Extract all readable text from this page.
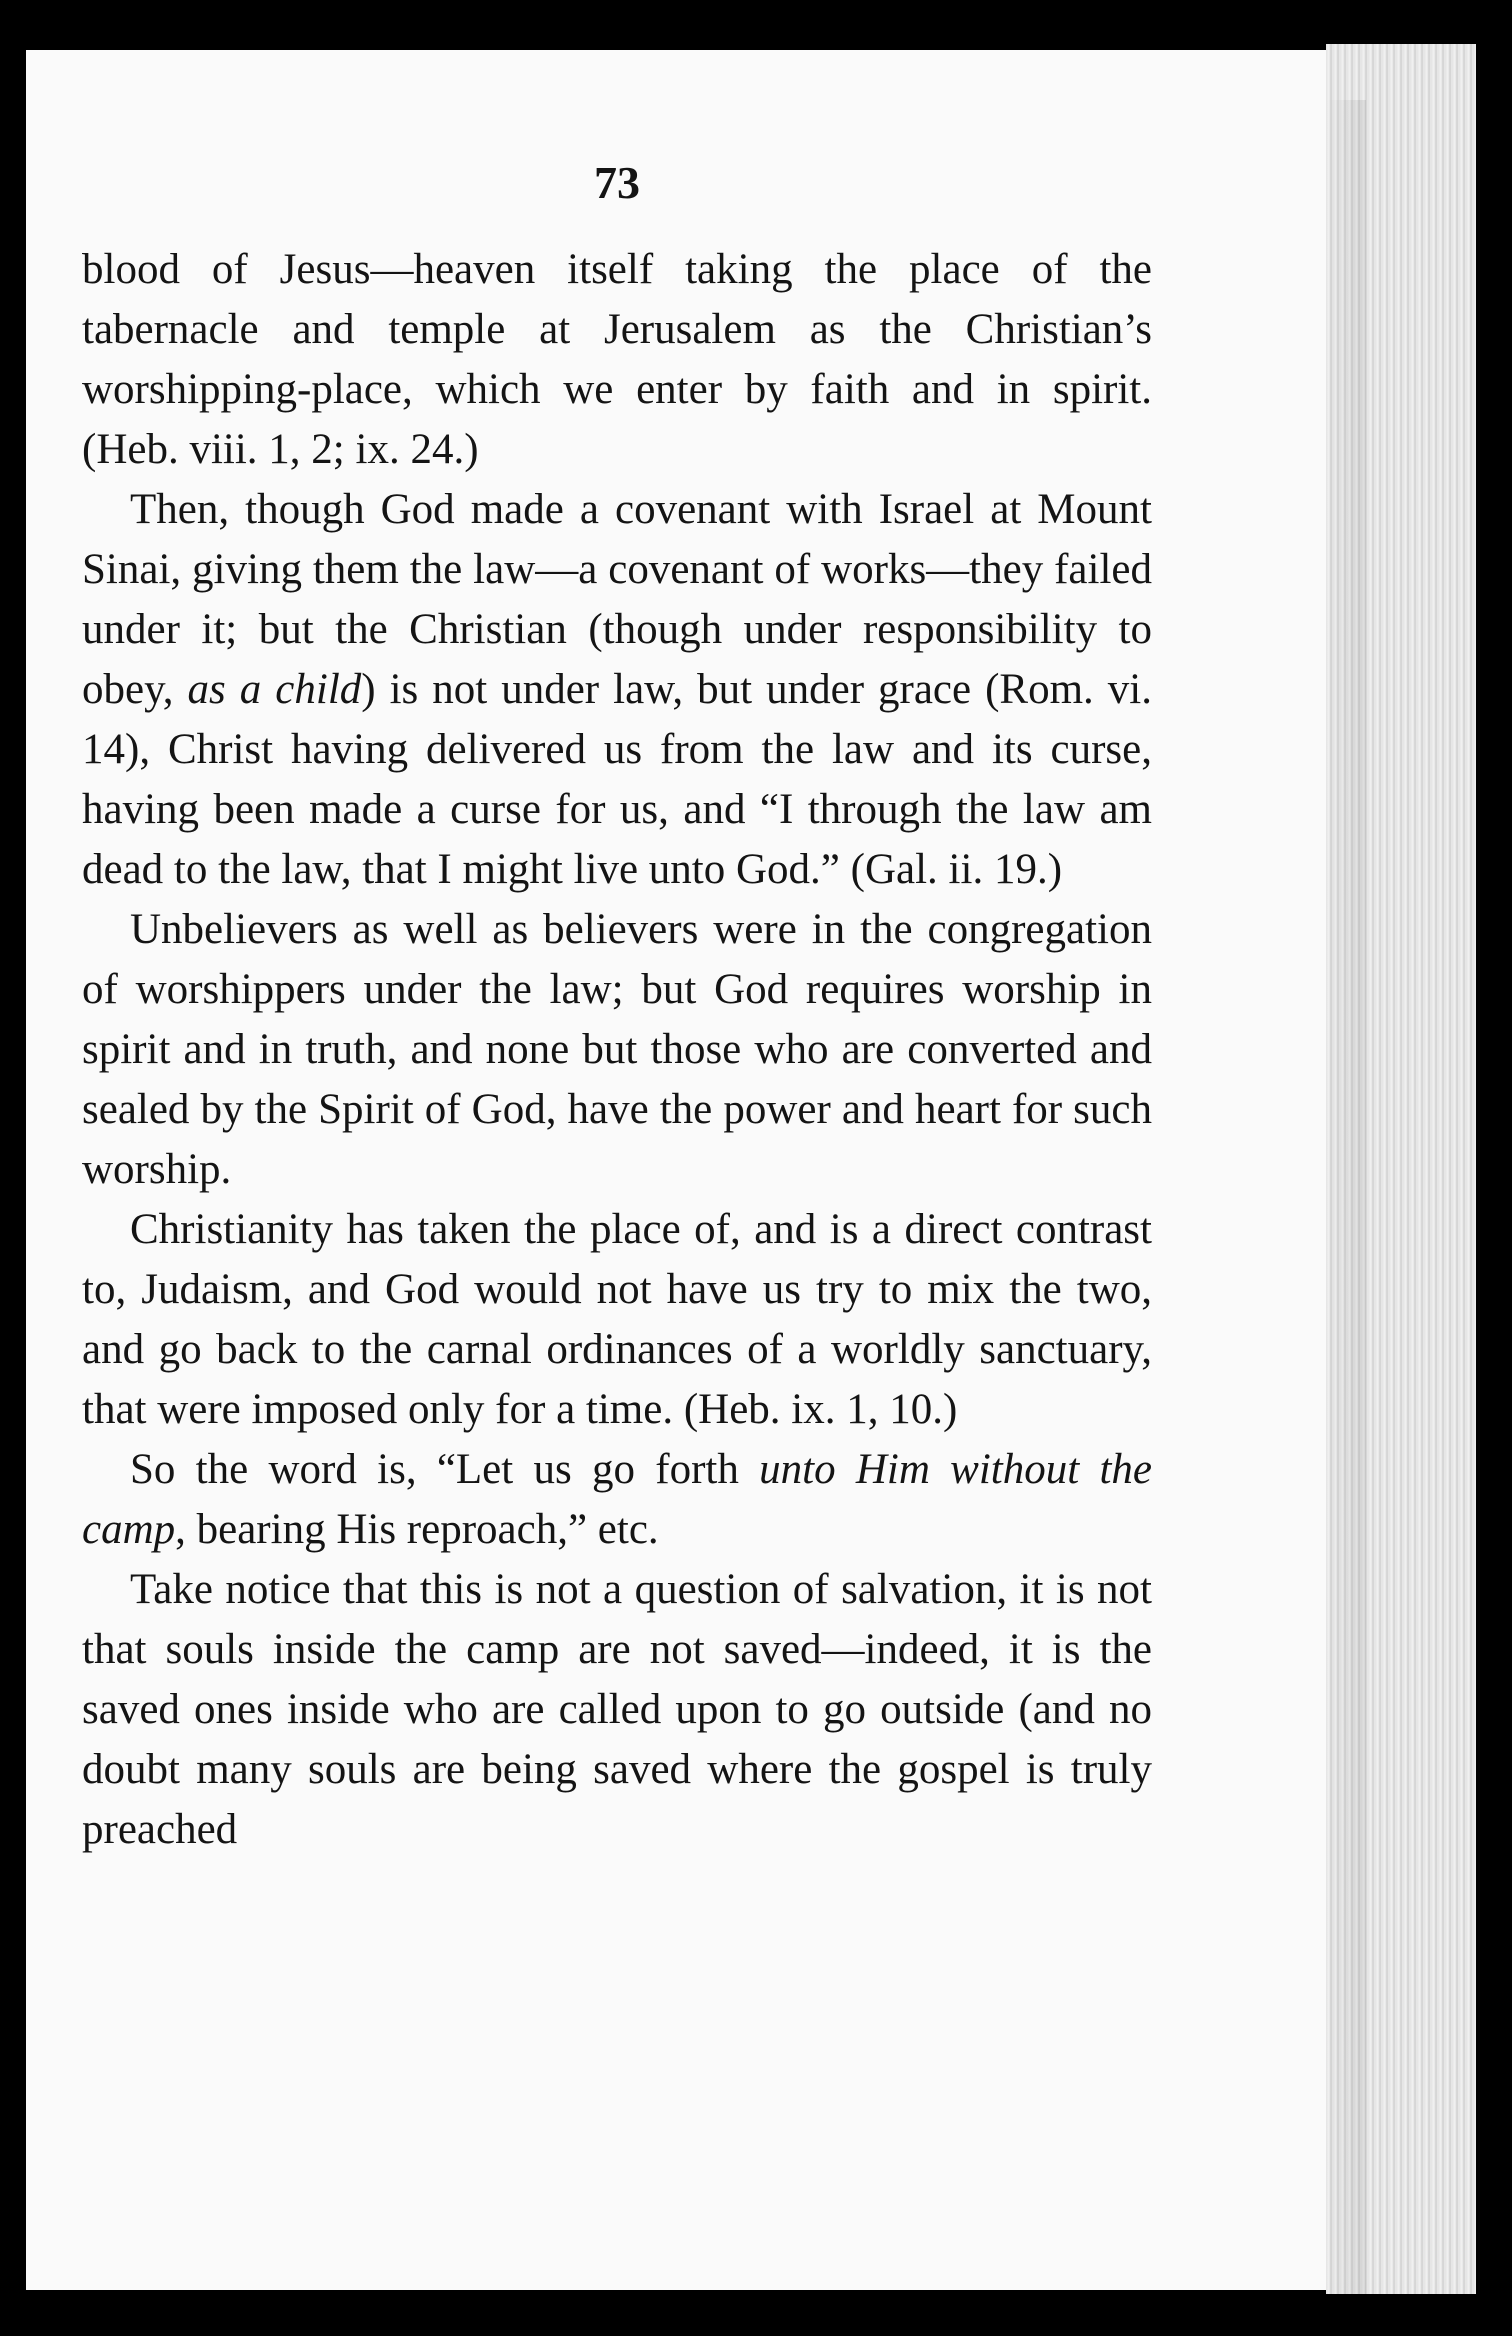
73

blood of Jesus—heaven itself taking the place of the tabernacle and temple at Jerusalem as the Christian’s worshipping-place, which we enter by faith and in spirit. (Heb. viii. 1, 2; ix. 24.)

Then, though God made a covenant with Israel at Mount Sinai, giving them the law—a covenant of works—they failed under it; but the Christian (though under responsibility to obey, as a child) is not under law, but under grace (Rom. vi. 14), Christ having delivered us from the law and its curse, having been made a curse for us, and “I through the law am dead to the law, that I might live unto God.” (Gal. ii. 19.)

Unbelievers as well as believers were in the congregation of worshippers under the law; but God requires worship in spirit and in truth, and none but those who are converted and sealed by the Spirit of God, have the power and heart for such worship.

Christianity has taken the place of, and is a direct contrast to, Judaism, and God would not have us try to mix the two, and go back to the carnal ordinances of a worldly sanctuary, that were imposed only for a time. (Heb. ix. 1, 10.)

So the word is, “Let us go forth unto Him without the camp, bearing His reproach,” etc.

Take notice that this is not a question of salvation, it is not that souls inside the camp are not saved—indeed, it is the saved ones inside who are called upon to go outside (and no doubt many souls are being saved where the gospel is truly preached
